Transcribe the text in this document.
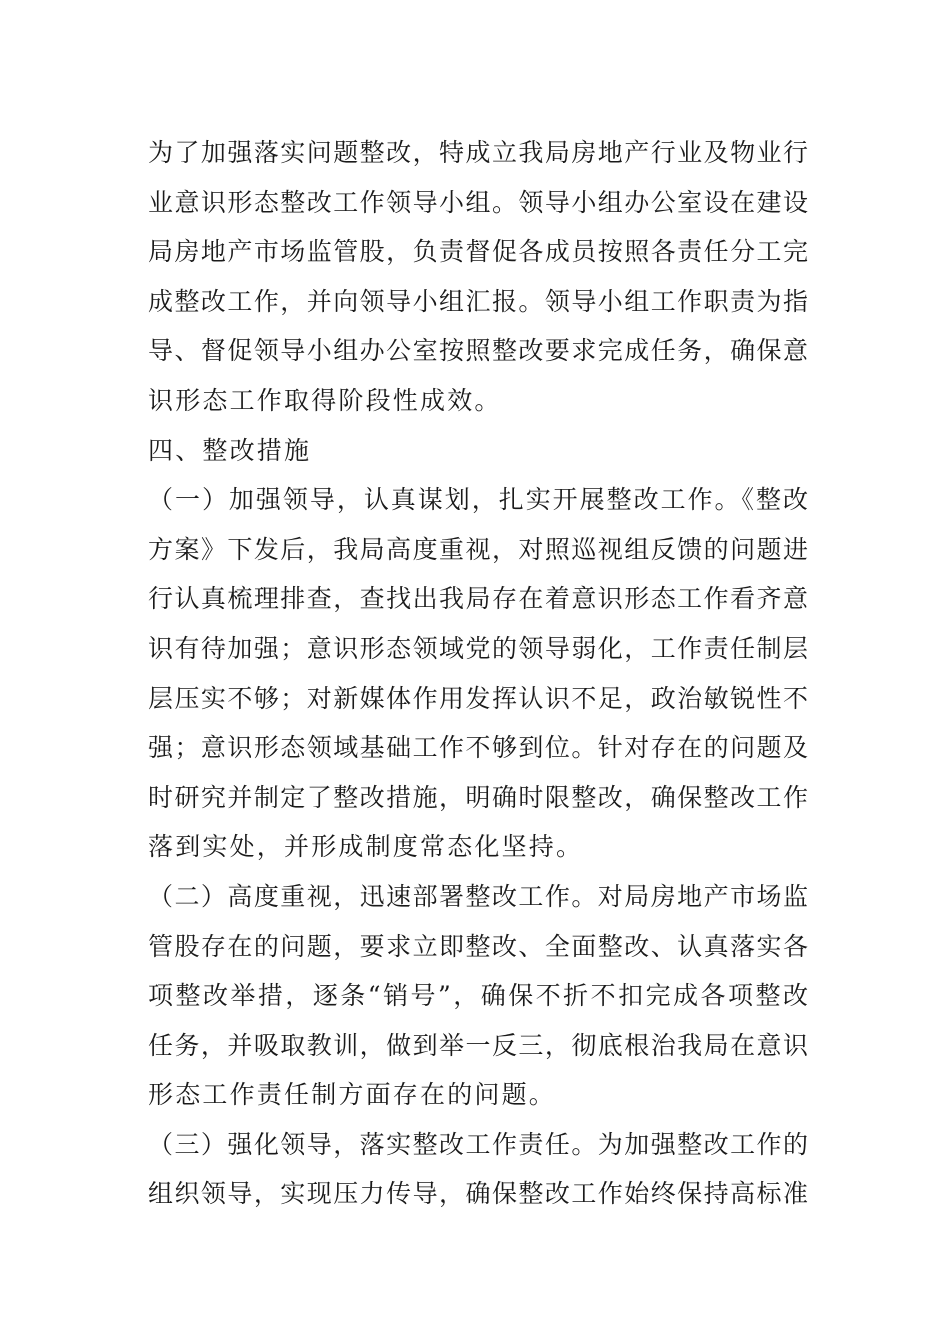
为了加强落实问题整改，特成立我局房地产行业及物业行
业意识形态整改工作领导小组。领导小组办公室设在建设
局房地产市场监管股，负责督促各成员按照各责任分工完
成整改工作，并向领导小组汇报。领导小组工作职责为指
导、督促领导小组办公室按照整改要求完成任务，确保意
识形态工作取得阶段性成效。
四、整改措施
（一）加强领导，认真谋划，扎实开展整改工作。《整改
方案》下发后，我局高度重视，对照巡视组反馈的问题进
行认真梳理排查，查找出我局存在着意识形态工作看齐意
识有待加强；意识形态领域党的领导弱化，工作责任制层
层压实不够；对新媒体作用发挥认识不足，政治敏锐性不
强；意识形态领域基础工作不够到位。针对存在的问题及
时研究并制定了整改措施，明确时限整改，确保整改工作
落到实处，并形成制度常态化坚持。
（二）高度重视，迅速部署整改工作。对局房地产市场监
管股存在的问题，要求立即整改、全面整改、认真落实各
项整改举措，逐条“销号”，确保不折不扣完成各项整改
任务，并吸取教训，做到举一反三，彻底根治我局在意识
形态工作责任制方面存在的问题。
（三）强化领导，落实整改工作责任。为加强整改工作的
组织领导，实现压力传导，确保整改工作始终保持高标准
